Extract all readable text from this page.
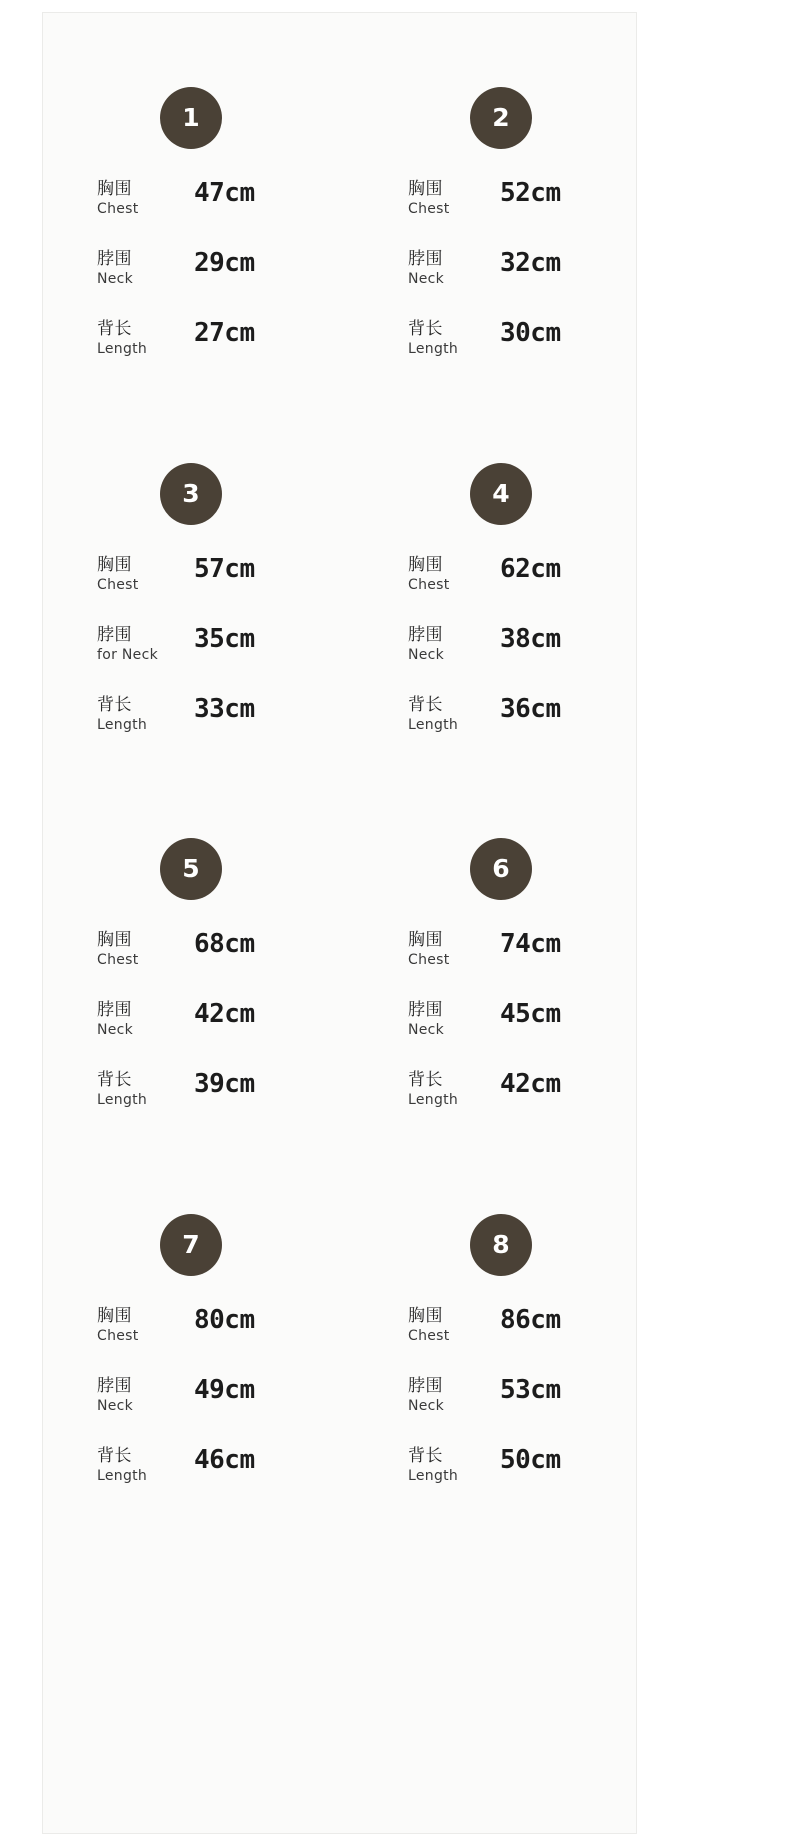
1
胸围
Chest
47cm
脖围
Neck
29cm
背长
Length
27cm
2
胸围
Chest
52cm
脖围
Neck
32cm
背长
Length
30cm
3
胸围
Chest
57cm
脖围
for Neck
35cm
背长
Length
33cm
4
胸围
Chest
62cm
脖围
Neck
38cm
背长
Length
36cm
5
胸围
Chest
68cm
脖围
Neck
42cm
背长
Length
39cm
6
胸围
Chest
74cm
脖围
Neck
45cm
背长
Length
42cm
7
胸围
Chest
80cm
脖围
Neck
49cm
背长
Length
46cm
8
胸围
Chest
86cm
脖围
Neck
53cm
背长
Length
50cm
